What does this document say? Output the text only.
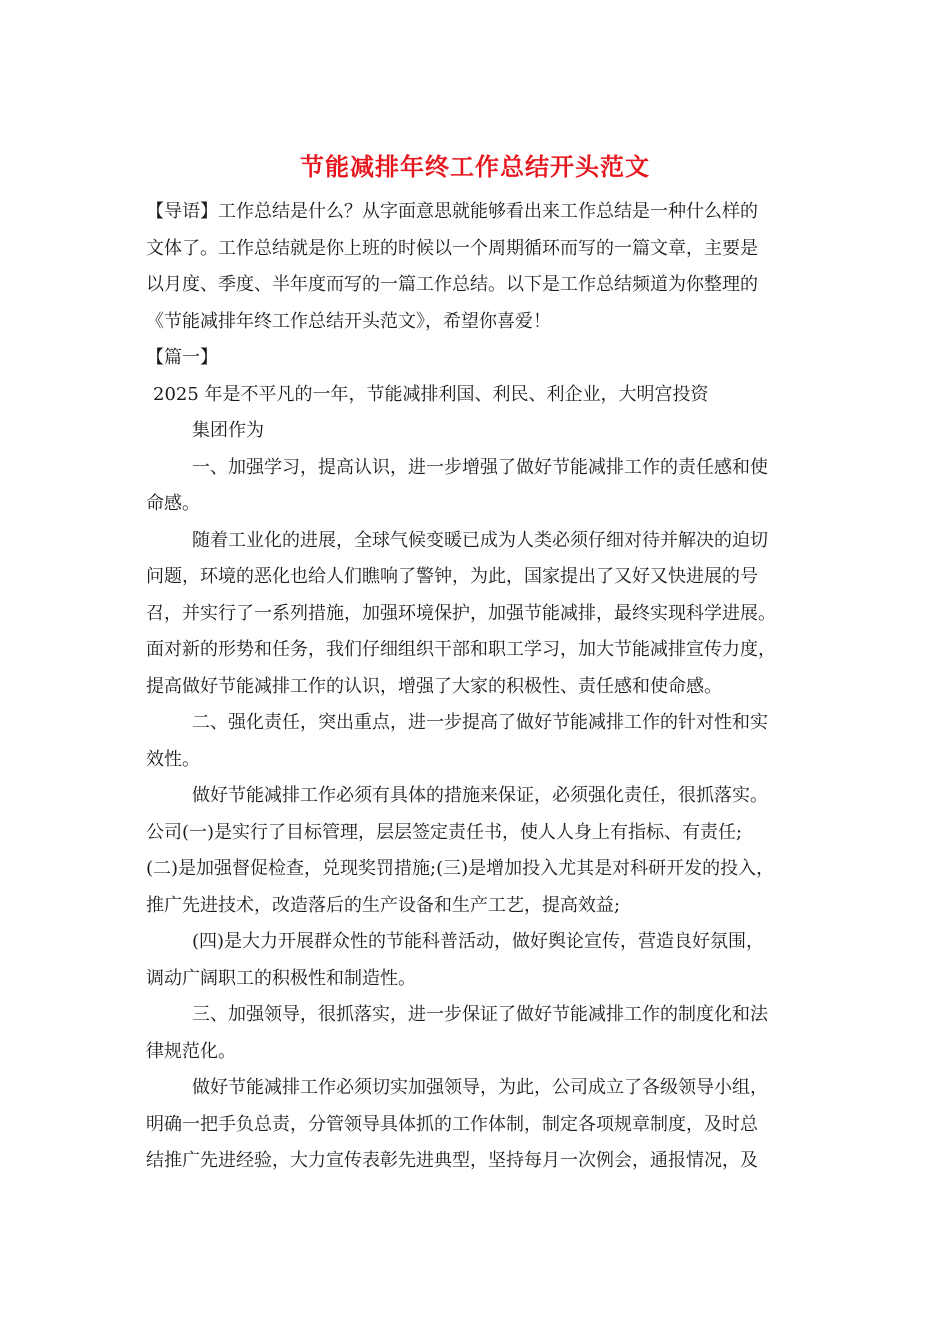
节能减排年终工作总结开头范文
【导语】工作总结是什么？从字面意思就能够看出来工作总结是一种什么样的
文体了。工作总结就是你上班的时候以一个周期循环而写的一篇文章，主要是
以月度、季度、半年度而写的一篇工作总结。以下是工作总结频道为你整理的
《节能减排年终工作总结开头范文》，希望你喜爱！
【篇一】
2025 年是不平凡的一年，节能减排利国、利民、利企业，大明宫投资
集团作为
一、加强学习，提高认识，进一步增强了做好节能减排工作的责任感和使
命感。
随着工业化的进展，全球气候变暖已成为人类必须仔细对待并解决的迫切
问题，环境的恶化也给人们瞧响了警钟，为此，国家提出了又好又快进展的号
召，并实行了一系列措施，加强环境保护，加强节能减排，最终实现科学进展。
面对新的形势和任务，我们仔细组织干部和职工学习，加大节能减排宣传力度，
提高做好节能减排工作的认识，增强了大家的积极性、责任感和使命感。
二、强化责任，突出重点，进一步提高了做好节能减排工作的针对性和实
效性。
做好节能减排工作必须有具体的措施来保证，必须强化责任，很抓落实。
公司(一)是实行了目标管理，层层签定责任书，使人人身上有指标、有责任;
(二)是加强督促检查，兑现奖罚措施;(三)是增加投入尤其是对科研开发的投入，
推广先进技术，改造落后的生产设备和生产工艺，提高效益;
(四)是大力开展群众性的节能科普活动，做好舆论宣传，营造良好氛围，
调动广阔职工的积极性和制造性。
三、加强领导，很抓落实，进一步保证了做好节能减排工作的制度化和法
律规范化。
做好节能减排工作必须切实加强领导，为此，公司成立了各级领导小组，
明确一把手负总责，分管领导具体抓的工作体制，制定各项规章制度，及时总
结推广先进经验，大力宣传表彰先进典型，坚持每月一次例会，通报情况，及
